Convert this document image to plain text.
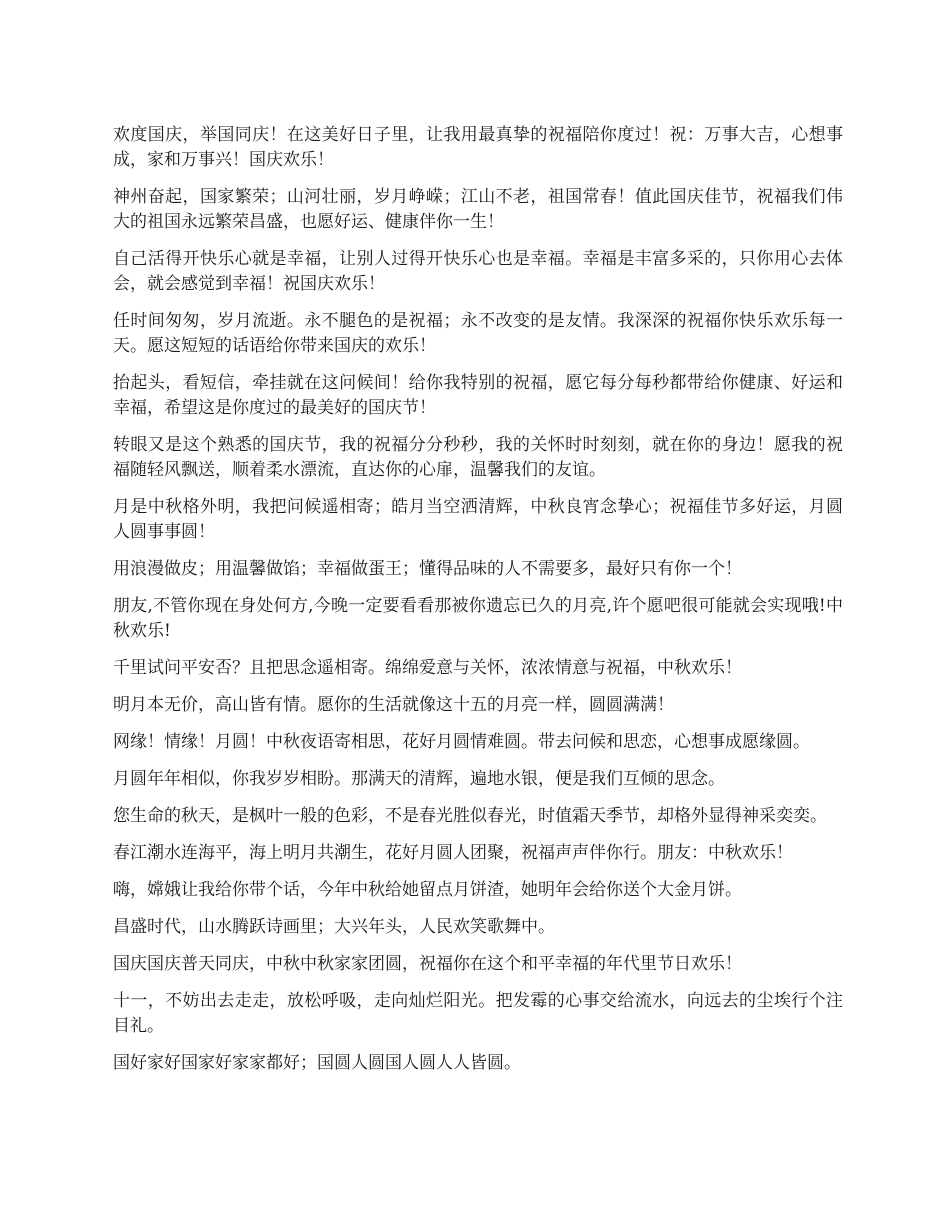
欢度国庆，举国同庆！在这美好日子里，让我用最真挚的祝福陪你度过！祝：万事大吉，心想事成，家和万事兴！国庆欢乐！

神州奋起，国家繁荣；山河壮丽，岁月峥嵘；江山不老，祖国常春！值此国庆佳节，祝福我们伟大的祖国永远繁荣昌盛，也愿好运、健康伴你一生！

自己活得开快乐心就是幸福，让别人过得开快乐心也是幸福。幸福是丰富多采的，只你用心去体会，就会感觉到幸福！祝国庆欢乐！

任时间匆匆，岁月流逝。永不腿色的是祝福；永不改变的是友情。我深深的祝福你快乐欢乐每一天。愿这短短的话语给你带来国庆的欢乐！

抬起头，看短信，牵挂就在这问候间！给你我特别的祝福，愿它每分每秒都带给你健康、好运和幸福，希望这是你度过的最美好的国庆节！

转眼又是这个熟悉的国庆节，我的祝福分分秒秒，我的关怀时时刻刻，就在你的身边！愿我的祝福随轻风飘送，顺着柔水漂流，直达你的心扉，温馨我们的友谊。

月是中秋格外明，我把问候遥相寄；皓月当空洒清辉，中秋良宵念挚心；祝福佳节多好运，月圆人圆事事圆！

用浪漫做皮；用温馨做馅；幸福做蛋王；懂得品味的人不需要多，最好只有你一个！

朋友,不管你现在身处何方,今晚一定要看看那被你遗忘已久的月亮,许个愿吧很可能就会实现哦!中秋欢乐!

千里试问平安否？且把思念遥相寄。绵绵爱意与关怀，浓浓情意与祝福，中秋欢乐！

明月本无价，高山皆有情。愿你的生活就像这十五的月亮一样，圆圆满满！

网缘！情缘！月圆！中秋夜语寄相思，花好月圆情难圆。带去问候和思恋，心想事成愿缘圆。

月圆年年相似，你我岁岁相盼。那满天的清辉，遍地水银，便是我们互倾的思念。

您生命的秋天，是枫叶一般的色彩，不是春光胜似春光，时值霜天季节，却格外显得神采奕奕。

春江潮水连海平，海上明月共潮生，花好月圆人团聚，祝福声声伴你行。朋友：中秋欢乐！

嗨，嫦娥让我给你带个话，今年中秋给她留点月饼渣，她明年会给你送个大金月饼。

昌盛时代，山水腾跃诗画里；大兴年头，人民欢笑歌舞中。

国庆国庆普天同庆，中秋中秋家家团圆，祝福你在这个和平幸福的年代里节日欢乐！

十一，不妨出去走走，放松呼吸，走向灿烂阳光。把发霉的心事交给流水，向远去的尘埃行个注目礼。

国好家好国家好家家都好；国圆人圆国人圆人人皆圆。
